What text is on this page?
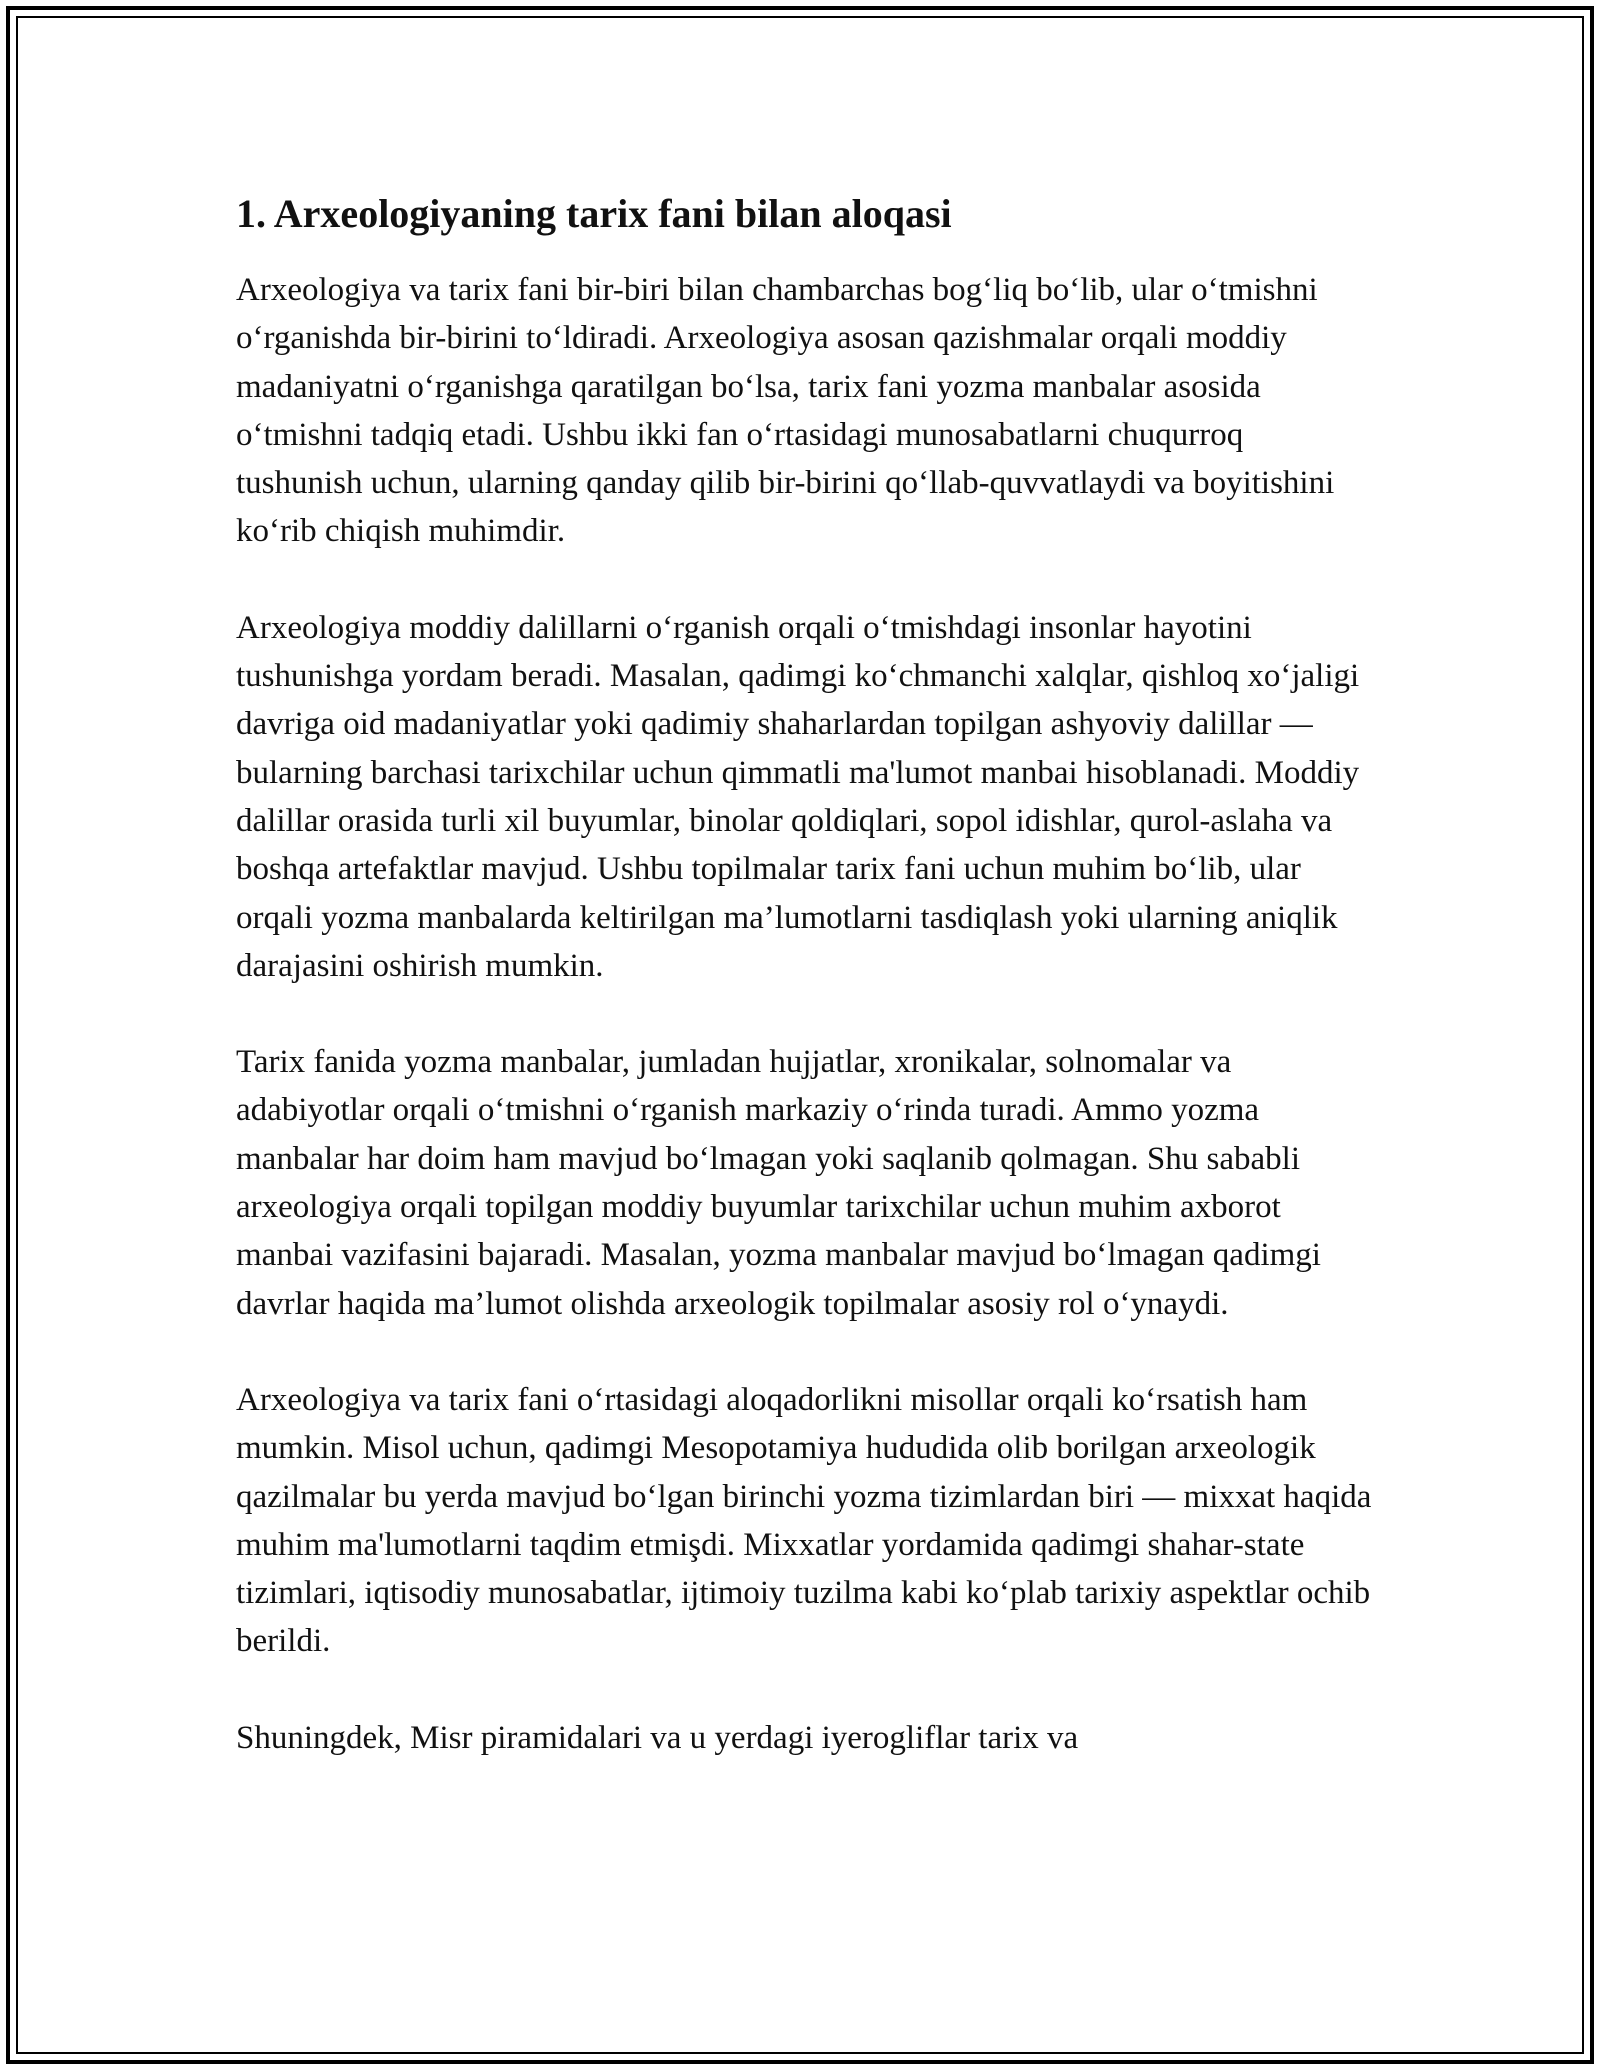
1. Arxeologiyaning tarix fani bilan aloqasi

Arxeologiya va tarix fani bir-biri bilan chambarchas bog‘liq bo‘lib, ular o‘tmishni o‘rganishda bir-birini to‘ldiradi. Arxeologiya asosan qazishmalar orqali moddiy madaniyatni o‘rganishga qaratilgan bo‘lsa, tarix fani yozma manbalar asosida o‘tmishni tadqiq etadi. Ushbu ikki fan o‘rtasidagi munosabatlarni chuqurroq tushunish uchun, ularning qanday qilib bir-birini qo‘llab-quvvatlaydi va boyitishini ko‘rib chiqish muhimdir.

Arxeologiya moddiy dalillarni o‘rganish orqali o‘tmishdagi insonlar hayotini tushunishga yordam beradi. Masalan, qadimgi ko‘chmanchi xalqlar, qishloq xo‘jaligi davriga oid madaniyatlar yoki qadimiy shaharlardan topilgan ashyoviy dalillar — bularning barchasi tarixchilar uchun qimmatli ma'lumot manbai hisoblanadi. Moddiy dalillar orasida turli xil buyumlar, binolar qoldiqlari, sopol idishlar, qurol-aslaha va boshqa artefaktlar mavjud. Ushbu topilmalar tarix fani uchun muhim bo‘lib, ular orqali yozma manbalarda keltirilgan ma’lumotlarni tasdiqlash yoki ularning aniqlik darajasini oshirish mumkin.

Tarix fanida yozma manbalar, jumladan hujjatlar, xronikalar, solnomalar va adabiyotlar orqali o‘tmishni o‘rganish markaziy o‘rinda turadi. Ammo yozma manbalar har doim ham mavjud bo‘lmagan yoki saqlanib qolmagan. Shu sababli arxeologiya orqali topilgan moddiy buyumlar tarixchilar uchun muhim axborot manbai vazifasini bajaradi. Masalan, yozma manbalar mavjud bo‘lmagan qadimgi davrlar haqida ma’lumot olishda arxeologik topilmalar asosiy rol o‘ynaydi.

Arxeologiya va tarix fani o‘rtasidagi aloqadorlikni misollar orqali ko‘rsatish ham mumkin. Misol uchun, qadimgi Mesopotamiya hududida olib borilgan arxeologik qazilmalar bu yerda mavjud bo‘lgan birinchi yozma tizimlardan biri — mixxat haqida muhim ma'lumotlarni taqdim etmişdi. Mixxatlar yordamida qadimgi shahar-state tizimlari, iqtisodiy munosabatlar, ijtimoiy tuzilma kabi ko‘plab tarixiy aspektlar ochib berildi.

Shuningdek, Misr piramidalari va u yerdagi iyerogliflar tarix va
